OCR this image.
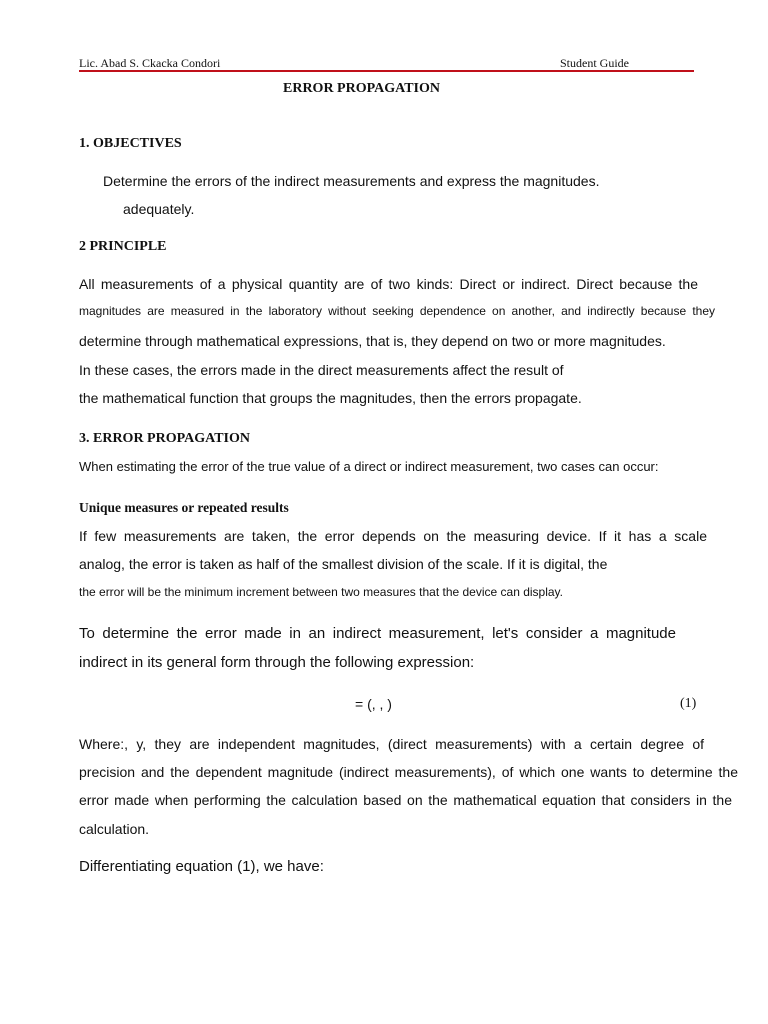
Lic. Abad S. Ckacka Condori	Student Guide
ERROR PROPAGATION
1. OBJECTIVES
Determine the errors of the indirect measurements and express the magnitudes.
adequately.
2 PRINCIPLE
All measurements of a physical quantity are of two kinds: Direct or indirect. Direct because the
magnitudes are measured in the laboratory without seeking dependence on another, and indirectly because they
determine through mathematical expressions, that is, they depend on two or more magnitudes.
In these cases, the errors made in the direct measurements affect the result of
the mathematical function that groups the magnitudes, then the errors propagate.
3. ERROR PROPAGATION
When estimating the error of the true value of a direct or indirect measurement, two cases can occur:
Unique measures or repeated results
If few measurements are taken, the error depends on the measuring device. If it has a scale
analog, the error is taken as half of the smallest division of the scale. If it is digital, the
the error will be the minimum increment between two measures that the device can display.
To determine the error made in an indirect measurement, let's consider a magnitude
indirect in its general form through the following expression:
= (, , )	(1)
Where:, y, they are independent magnitudes, (direct measurements) with a certain degree of
precision and the dependent magnitude (indirect measurements), of which one wants to determine the
error made when performing the calculation based on the mathematical equation that considers in the
calculation.
Differentiating equation (1), we have:
